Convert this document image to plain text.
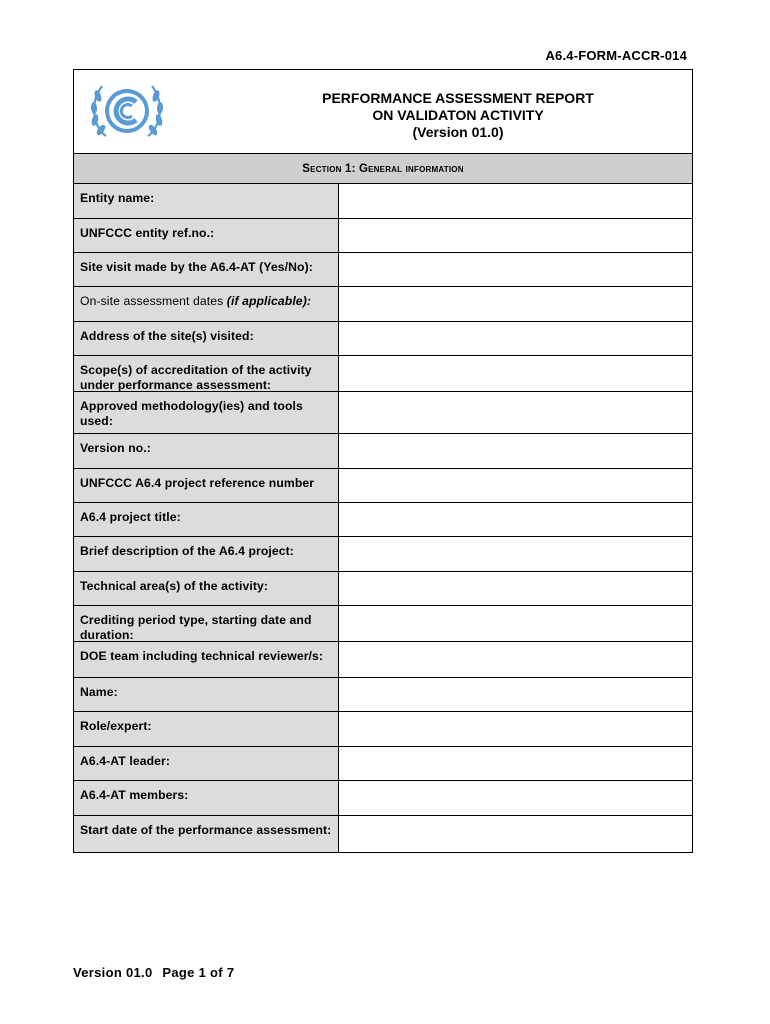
A6.4-FORM-ACCR-014
PERFORMANCE ASSESSMENT REPORT
ON VALIDATON ACTIVITY
(Version 01.0)
Section 1: General information
Entity name:
UNFCCC entity ref.no.:
Site visit made by the A6.4-AT (Yes/No):
On-site assessment dates (if applicable):
Address of the site(s) visited:
Scope(s) of accreditation of the activity under performance assessment:
Approved methodology(ies) and tools used:
Version no.:
UNFCCC A6.4 project reference number
A6.4 project title:
Brief description of the A6.4 project:
Technical area(s) of the activity:
Crediting period type, starting date and duration:
DOE team including technical reviewer/s:
Name:
Role/expert:
A6.4-AT leader:
A6.4-AT members:
Start date of the performance assessment:
Version 01.0 Page 1 of 7
